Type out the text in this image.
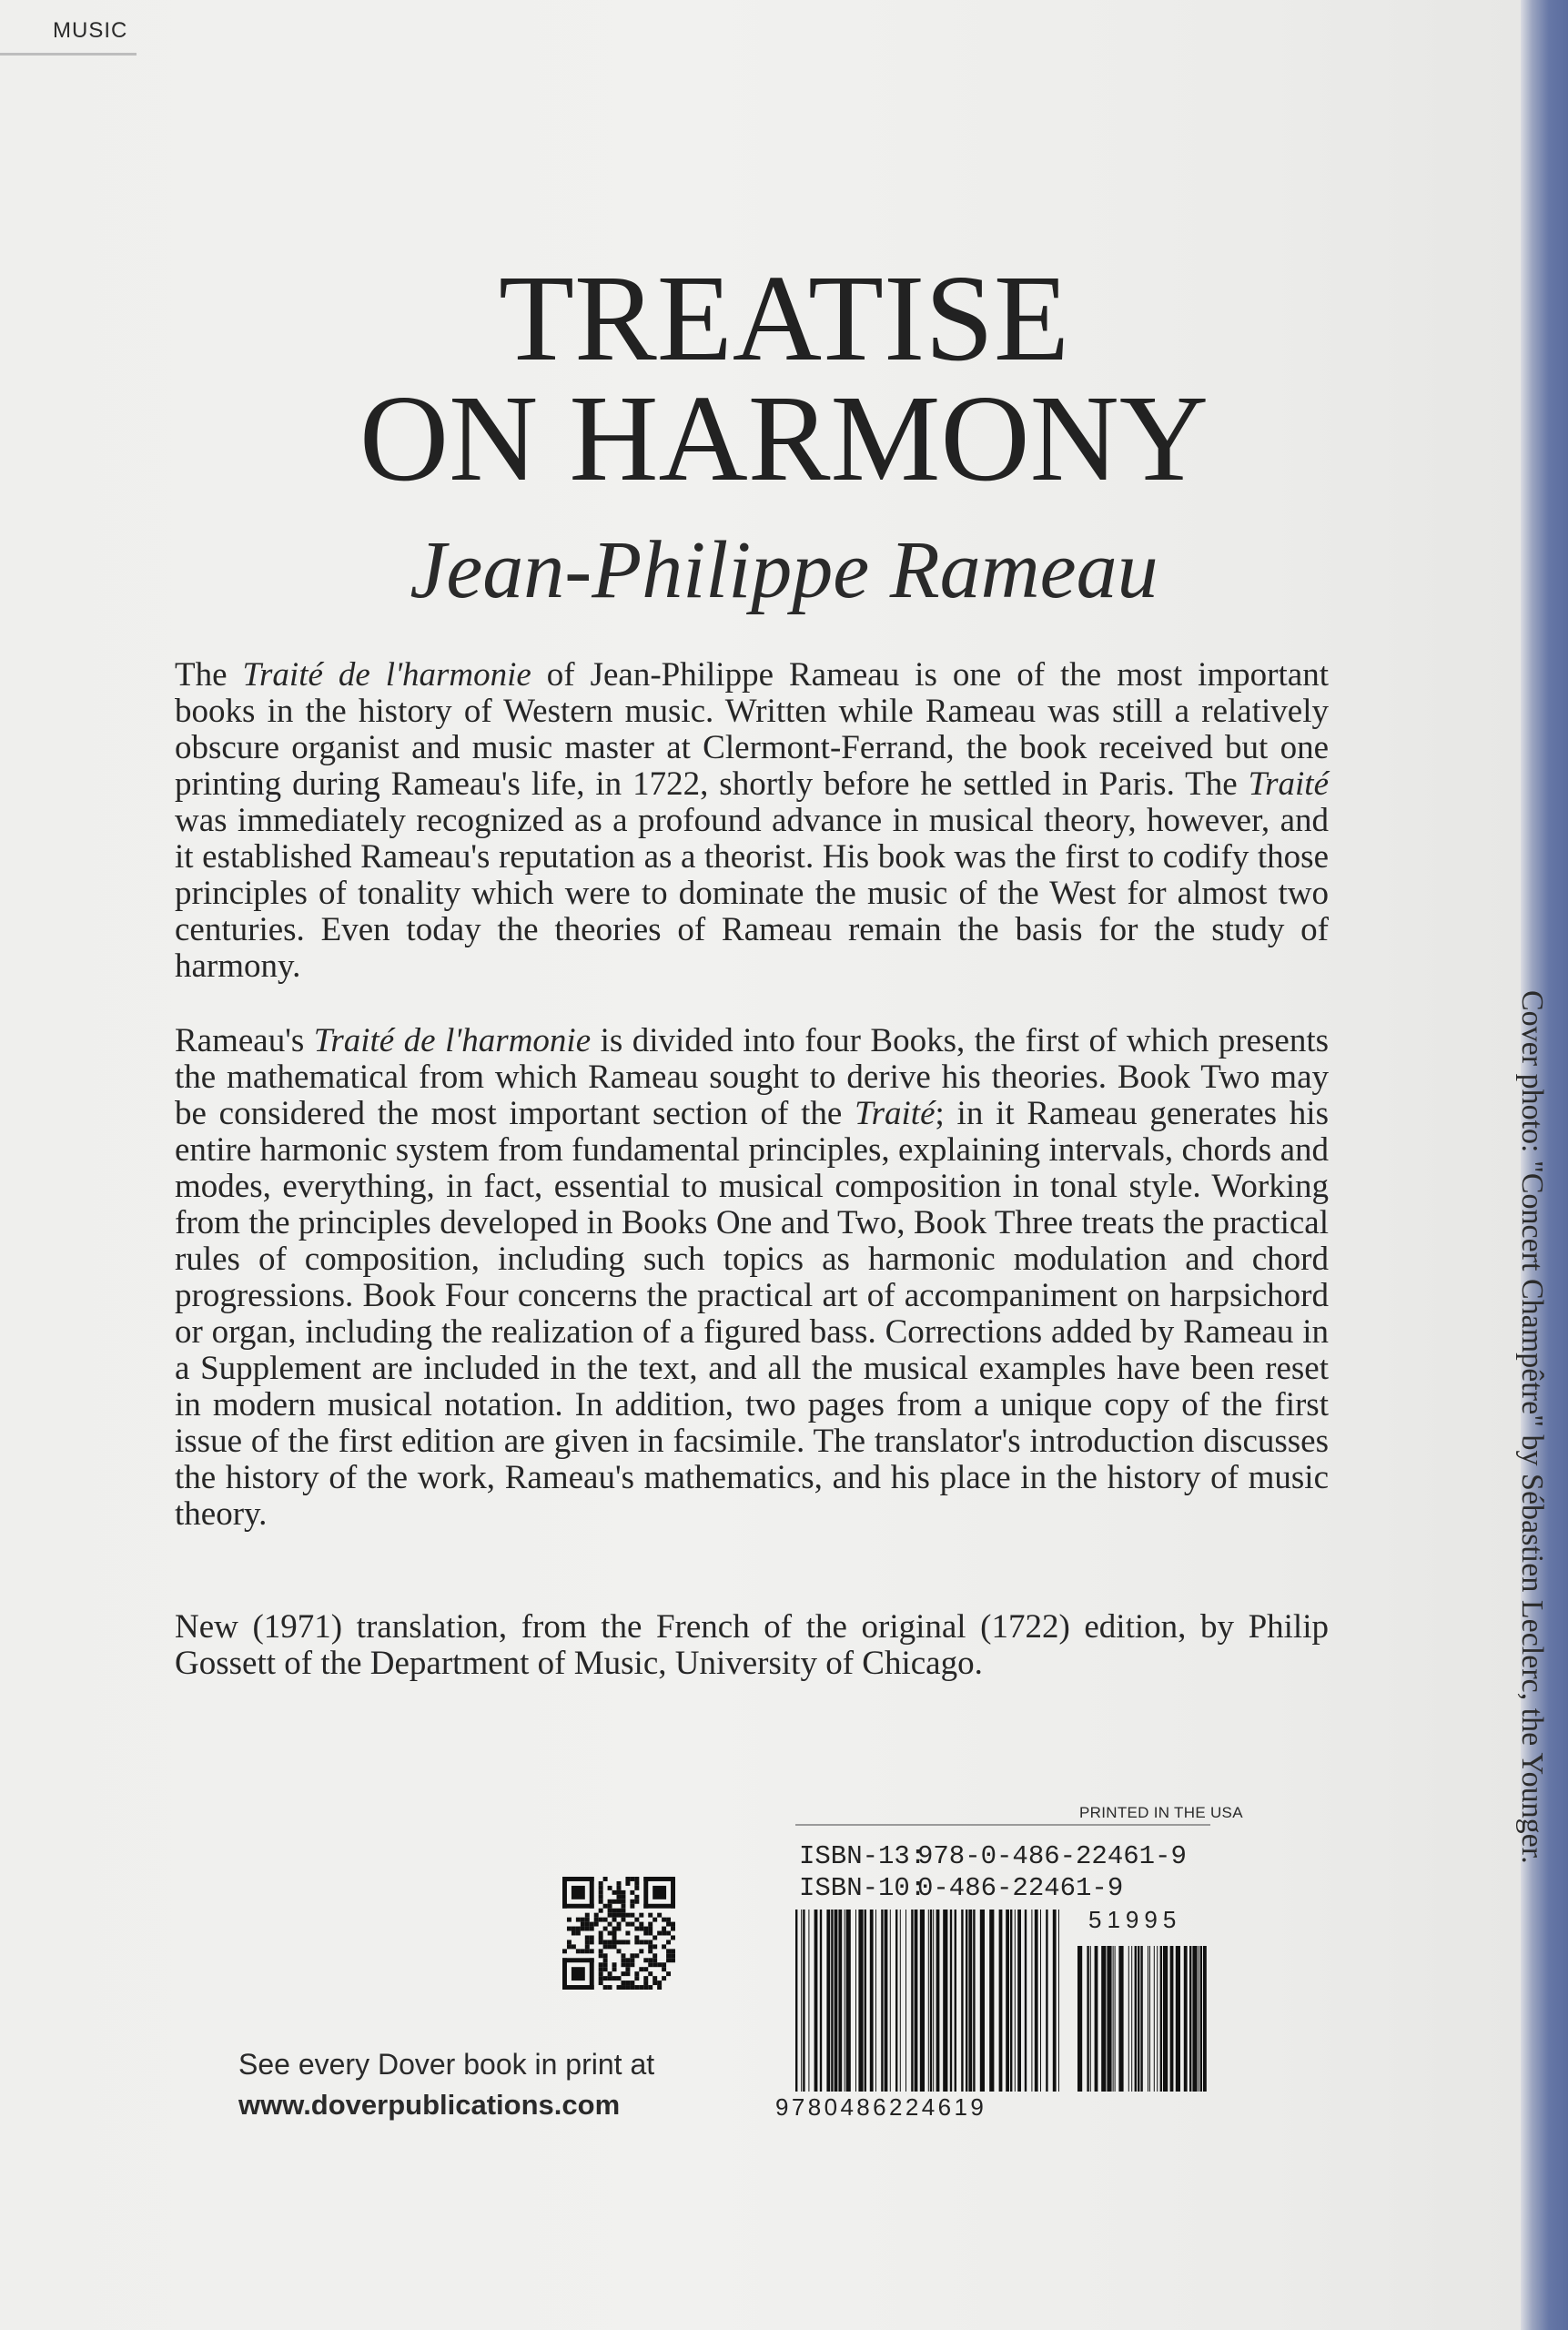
MUSIC
TREATISE
ON HARMONY
Jean-Philippe Rameau

The Traité de l'harmonie of Jean-Philippe Rameau is one of the most important books in the history of Western music. Written while Rameau was still a relatively obscure organist and music master at Clermont-Ferrand, the book received but one printing during Rameau's life, in 1722, shortly before he settled in Paris. The Traité was immediately recognized as a profound advance in musical theory, however, and it established Rameau's reputation as a theorist. His book was the first to codify those principles of tonality which were to dominate the music of the West for almost two centuries. Even today the theories of Rameau remain the basis for the study of harmony.

Rameau's Traité de l'harmonie is divided into four Books, the first of which presents the mathematical from which Rameau sought to derive his theories. Book Two may be considered the most important section of the Traité; in it Rameau generates his entire harmonic system from fundamental principles, explaining intervals, chords and modes, everything, in fact, essential to musical composition in tonal style. Working from the principles developed in Books One and Two, Book Three treats the practical rules of composition, including such topics as harmonic modulation and chord progressions. Book Four concerns the practical art of accompaniment on harpsichord or organ, including the realization of a figured bass. Corrections added by Rameau in a Supplement are included in the text, and all the musical examples have been reset in modern musical notation. In addition, two pages from a unique copy of the first issue of the first edition are given in facsimile. The translator's introduction discusses the history of the work, Rameau's mathematics, and his place in the history of music theory.

New (1971) translation, from the French of the original (1722) edition, by Philip Gossett of the Department of Music, University of Chicago.	Cover photo: "Concert Champêtre" by Sébastien Leclerc, the Younger.
PRINTED IN THE USA
ISBN-13:978-0-486-22461-9
ISBN-10:0-486-22461-9
51995
9780486224619
See every Dover book in print at
www.doverpublications.com
